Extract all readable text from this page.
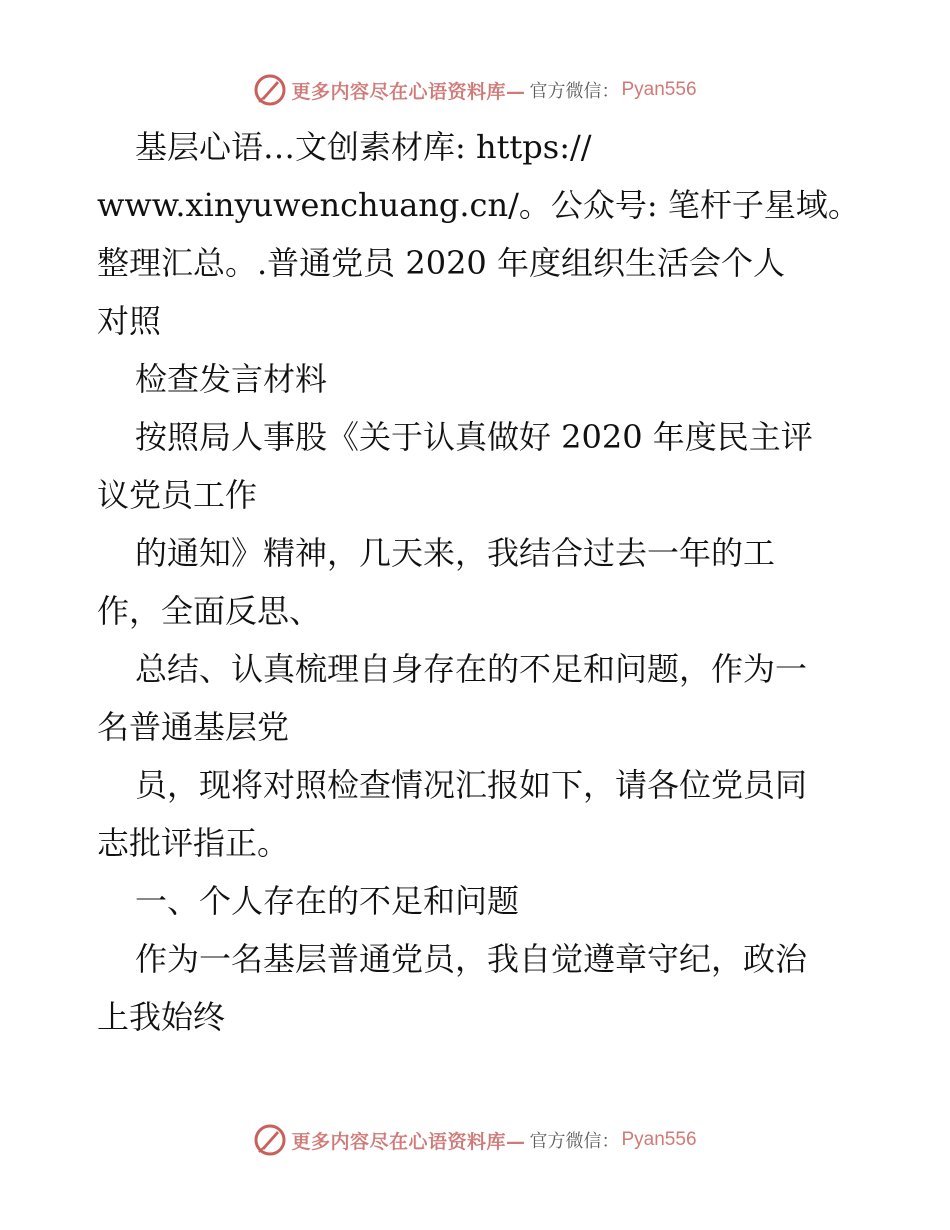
更多内容尽在心语资料库— 官方微信： Pyan556
基层心语…文创素材库: https://
www.xinyuwenchuang.cn/。公众号: 笔杆子星域。
整理汇总。.普通党员 2020 年度组织生活会个人
对照
检查发言材料
按照局人事股《关于认真做好 2020 年度民主评
议党员工作
的通知》精神，几天来，我结合过去一年的工
作，全面反思、
总结、认真梳理自身存在的不足和问题，作为一
名普通基层党
员，现将对照检查情况汇报如下，请各位党员同
志批评指正。
一、个人存在的不足和问题
作为一名基层普通党员，我自觉遵章守纪，政治
上我始终
更多内容尽在心语资料库— 官方微信： Pyan556
